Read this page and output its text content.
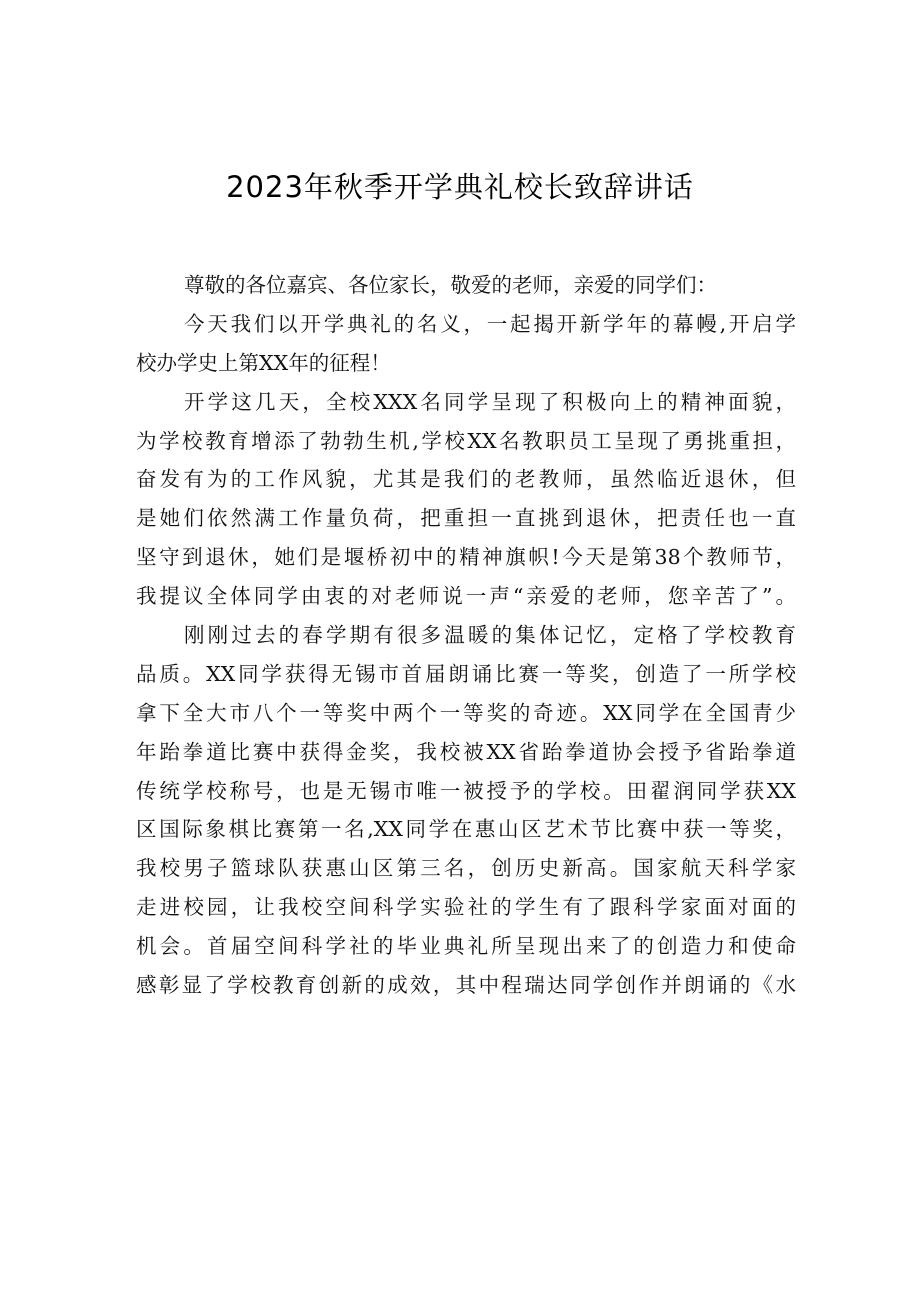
2023年秋季开学典礼校长致辞讲话
尊敬的各位嘉宾、各位家长，敬爱的老师，亲爱的同学们：
今天我们以开学典礼的名义，一起揭开新学年的幕幔,开启学
校办学史上第XX年的征程！
开学这几天，全校XXX名同学呈现了积极向上的精神面貌，
为学校教育增添了勃勃生机,学校XX名教职员工呈现了勇挑重担，
奋发有为的工作风貌，尤其是我们的老教师，虽然临近退休，但
是她们依然满工作量负荷，把重担一直挑到退休，把责任也一直
坚守到退休，她们是堰桥初中的精神旗帜!今天是第38个教师节，
我提议全体同学由衷的对老师说一声“亲爱的老师，您辛苦了”。
刚刚过去的春学期有很多温暖的集体记忆，定格了学校教育
品质。XX同学获得无锡市首届朗诵比赛一等奖，创造了一所学校
拿下全大市八个一等奖中两个一等奖的奇迹。XX同学在全国青少
年跆拳道比赛中获得金奖，我校被XX省跆拳道协会授予省跆拳道
传统学校称号，也是无锡市唯一被授予的学校。田翟润同学获XX
区国际象棋比赛第一名,XX同学在惠山区艺术节比赛中获一等奖，
我校男子篮球队获惠山区第三名，创历史新高。国家航天科学家
走进校园，让我校空间科学实验社的学生有了跟科学家面对面的
机会。首届空间科学社的毕业典礼所呈现出来了的创造力和使命
感彰显了学校教育创新的成效，其中程瑞达同学创作并朗诵的《水
